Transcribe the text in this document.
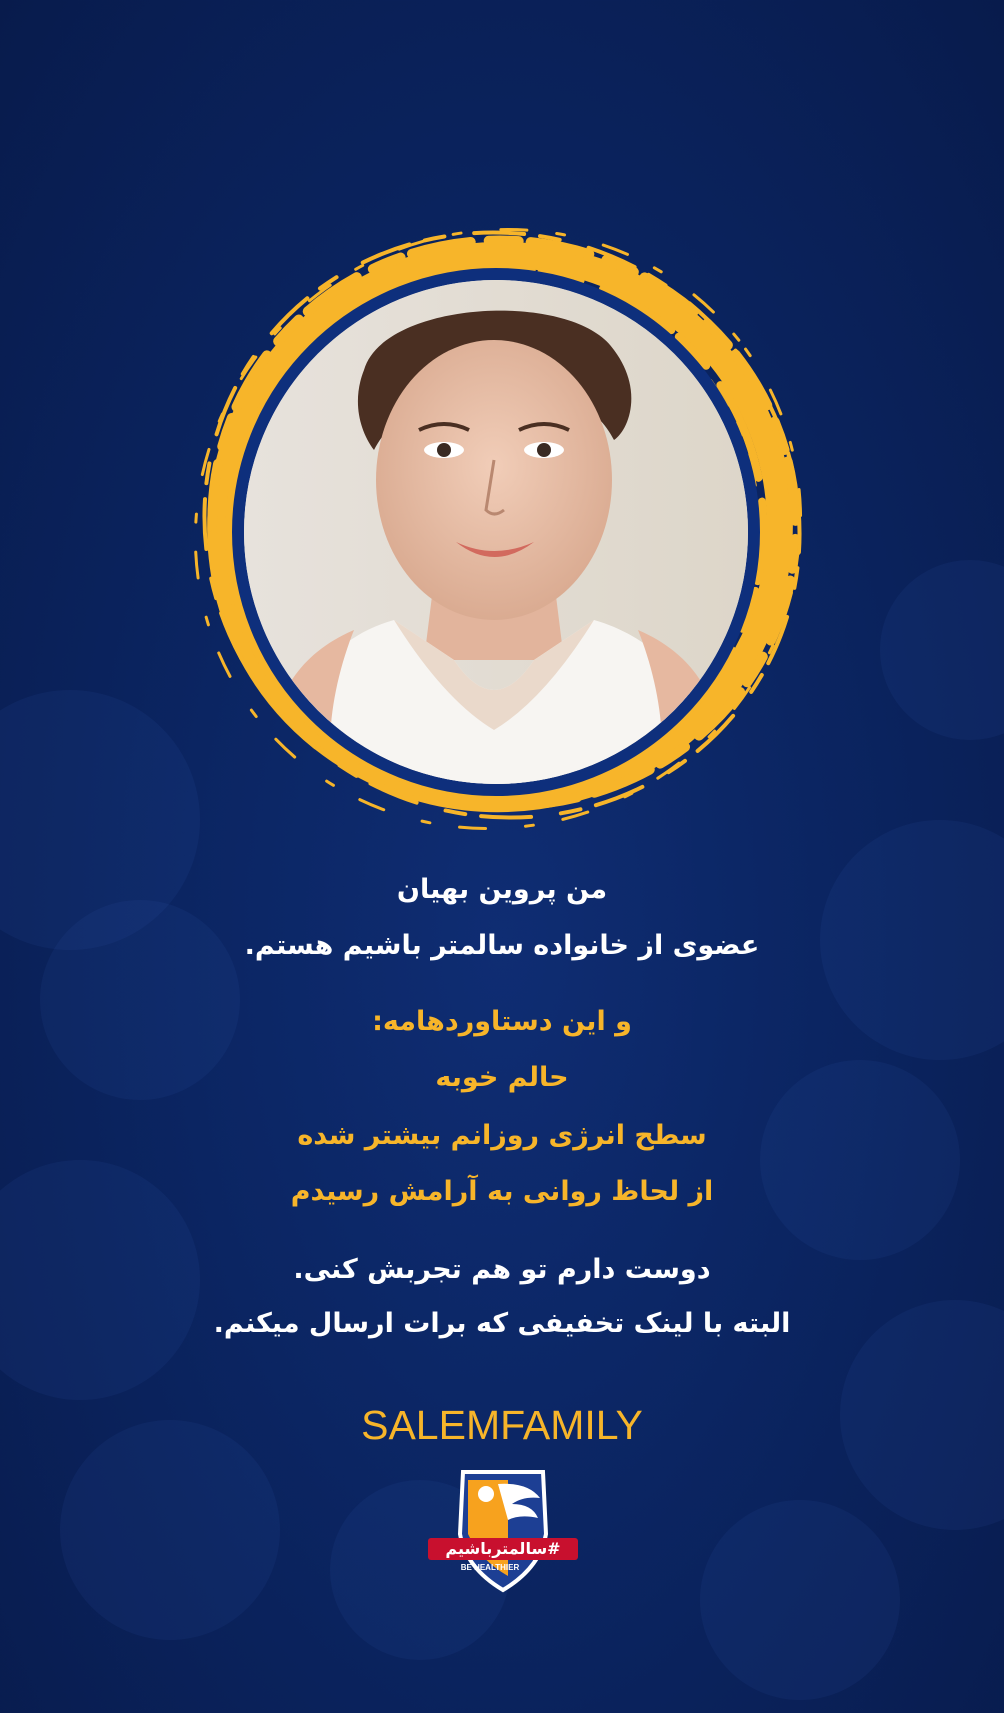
من پروین بهیان
عضوی از خانواده سالمتر باشیم هستم.
و این دستاوردهامه:
حالم خوبه
سطح انرژی روزانم بیشتر شده
از لحاظ روانی به آرامش رسیدم
دوست دارم تو هم تجربش کنی.
البته با لینک تخفیفی که برات ارسال میکنم.
SALEMFAMILY
#سالمترباشیم
BE HEALTHIER
